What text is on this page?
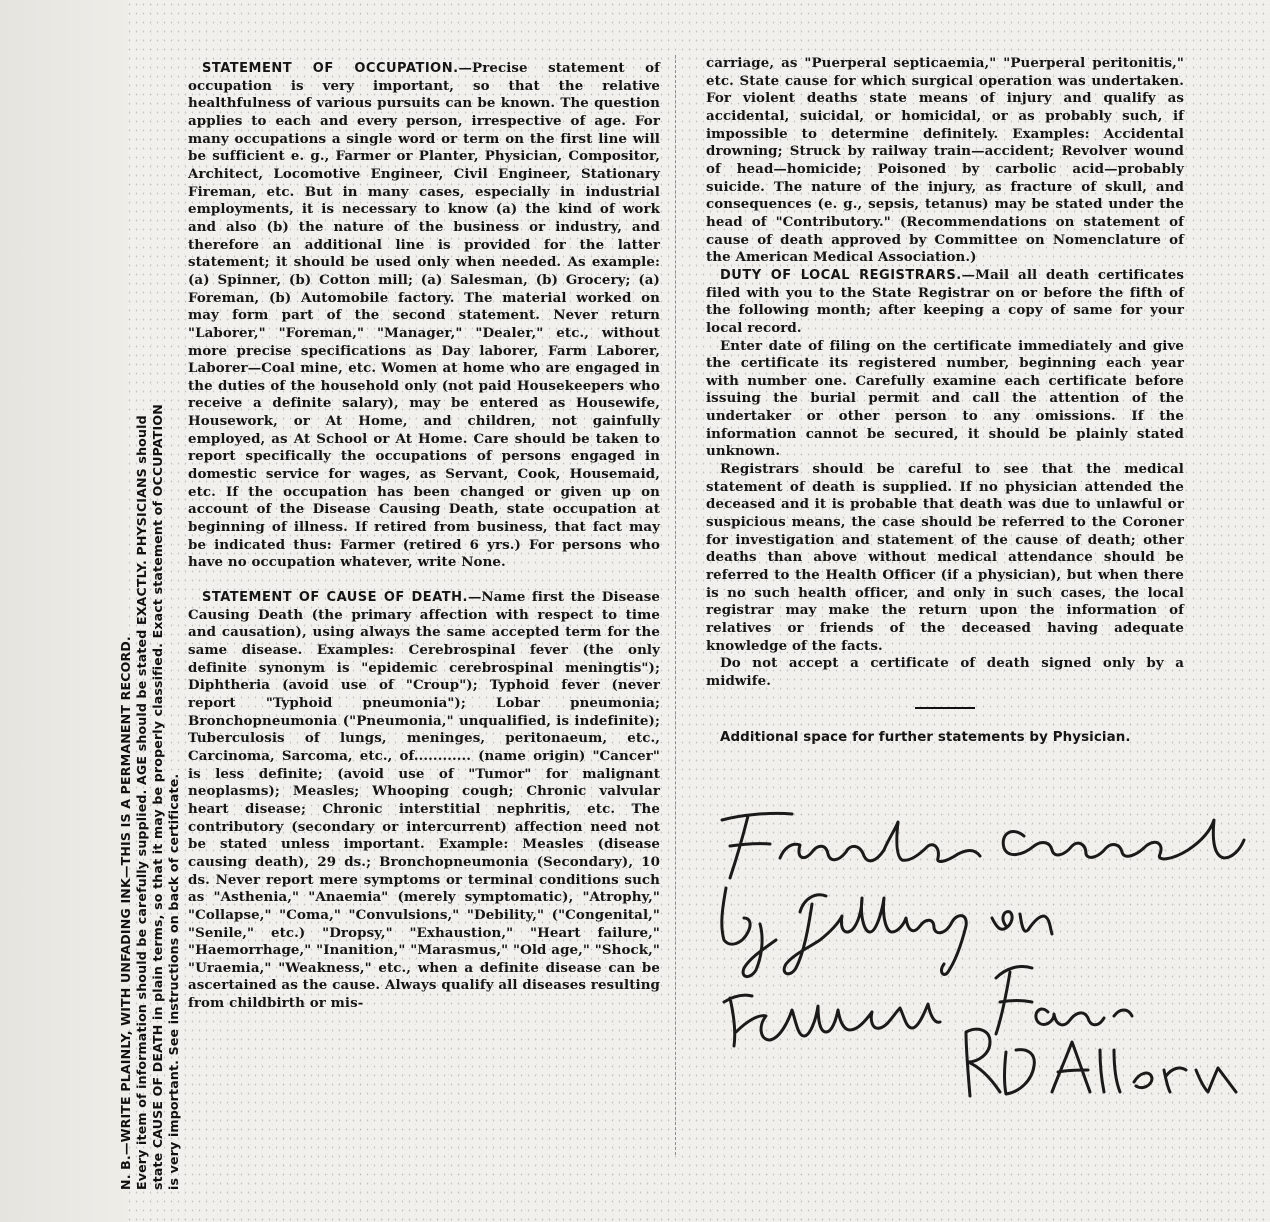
N. B.—WRITE PLAINLY, WITH UNFADING INK—THIS IS A PERMANENT RECORD. Every item of information should be carefully supplied. AGE should be stated EXACTLY. PHYSICIANS should state CAUSE OF DEATH in plain terms, so that it may be properly classified. Exact statement of OCCUPATION is very important. See instructions on back of certificate.

STATEMENT OF OCCUPATION.—Precise statement of occupation is very important, so that the relative healthfulness of various pursuits can be known. The question applies to each and every person, irrespective of age. For many occupations a single word or term on the first line will be sufficient e. g., Farmer or Planter, Physician, Compositor, Architect, Locomotive Engineer, Civil Engineer, Stationary Fireman, etc. But in many cases, especially in industrial employments, it is necessary to know (a) the kind of work and also (b) the nature of the business or industry, and therefore an additional line is provided for the latter statement; it should be used only when needed. As example: (a) Spinner, (b) Cotton mill; (a) Salesman, (b) Grocery; (a) Foreman, (b) Automobile factory. The material worked on may form part of the second statement. Never return "Laborer," "Foreman," "Manager," "Dealer," etc., without more precise specifications as Day laborer, Farm Laborer, Laborer—Coal mine, etc. Women at home who are engaged in the duties of the household only (not paid Housekeepers who receive a definite salary), may be entered as Housewife, Housework, or At Home, and children, not gainfully employed, as At School or At Home. Care should be taken to report specifically the occupations of persons engaged in domestic service for wages, as Servant, Cook, Housemaid, etc. If the occupation has been changed or given up on account of the Disease Causing Death, state occupation at beginning of illness. If retired from business, that fact may be indicated thus: Farmer (retired 6 yrs.) For persons who have no occupation whatever, write None.

STATEMENT OF CAUSE OF DEATH.—Name first the Disease Causing Death (the primary affection with respect to time and causation), using always the same accepted term for the same disease. Examples: Cerebrospinal fever (the only definite synonym is "epidemic cerebrospinal meningtis"); Diphtheria (avoid use of "Croup"); Typhoid fever (never report "Typhoid pneumonia"); Lobar pneumonia; Bronchopneumonia ("Pneumonia," unqualified, is indefinite); Tuberculosis of lungs, meninges, peritonaeum, etc., Carcinoma, Sarcoma, etc., of............ (name origin) "Cancer" is less definite; (avoid use of "Tumor" for malignant neoplasms); Measles; Whooping cough; Chronic valvular heart disease; Chronic interstitial nephritis, etc. The contributory (secondary or intercurrent) affection need not be stated unless important. Example: Measles (disease causing death), 29 ds.; Bronchopneumonia (Secondary), 10 ds. Never report mere symptoms or terminal conditions such as "Asthenia," "Anaemia" (merely symptomatic), "Atrophy," "Collapse," "Coma," "Convulsions," "Debility," ("Congenital," "Senile," etc.) "Dropsy," "Exhaustion," "Heart failure," "Haemorrhage," "Inanition," "Marasmus," "Old age," "Shock," "Uraemia," "Weakness," etc., when a definite disease can be ascertained as the cause. Always qualify all diseases resulting from childbirth or mis-

carriage, as "Puerperal septicaemia," "Puerperal peritonitis," etc. State cause for which surgical operation was undertaken. For violent deaths state means of injury and qualify as accidental, suicidal, or homicidal, or as probably such, if impossible to determine definitely. Examples: Accidental drowning; Struck by railway train—accident; Revolver wound of head—homicide; Poisoned by carbolic acid—probably suicide. The nature of the injury, as fracture of skull, and consequences (e. g., sepsis, tetanus) may be stated under the head of "Contributory." (Recommendations on statement of cause of death approved by Committee on Nomenclature of the American Medical Association.)

DUTY OF LOCAL REGISTRARS.—Mail all death certificates filed with you to the State Registrar on or before the fifth of the following month; after keeping a copy of same for your local record.

Enter date of filing on the certificate immediately and give the certificate its registered number, beginning each year with number one. Carefully examine each certificate before issuing the burial permit and call the attention of the undertaker or other person to any omissions. If the information cannot be secured, it should be plainly stated unknown.

Registrars should be careful to see that the medical statement of death is supplied. If no physician attended the deceased and it is probable that death was due to unlawful or suspicious means, the case should be referred to the Coroner for investigation and statement of the cause of death; other deaths than above without medical attendance should be referred to the Health Officer (if a physician), but when there is no such health officer, and only in such cases, the local registrar may make the return upon the information of relatives or friends of the deceased having adequate knowledge of the facts.

Do not accept a certificate of death signed only by a midwife.

Additional space for further statements by Physician.
